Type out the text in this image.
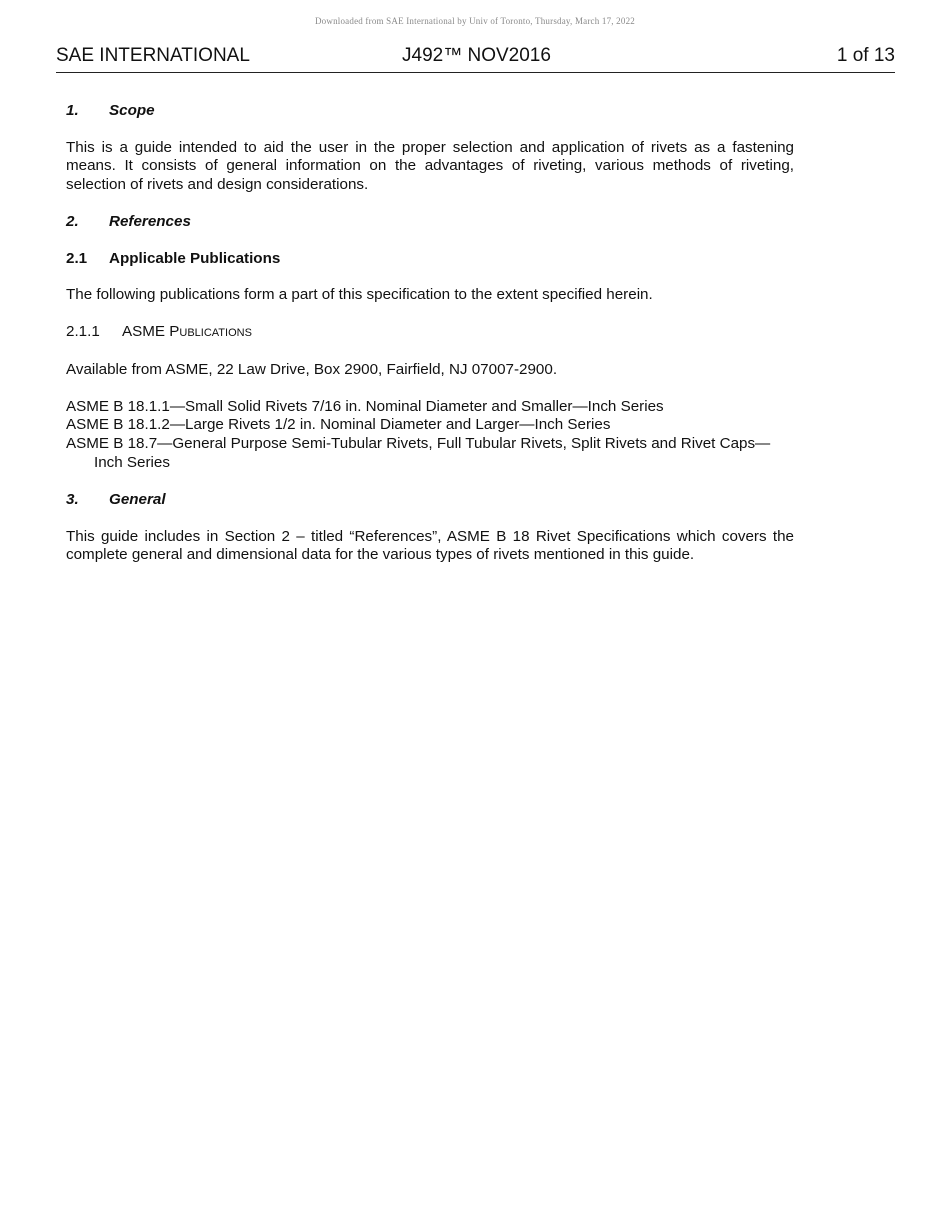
Downloaded from SAE International by Univ of Toronto, Thursday, March 17, 2022
SAE INTERNATIONAL	J492™ NOV2016	1 of 13

1. Scope

This is a guide intended to aid the user in the proper selection and application of rivets as a fastening means. It consists of general information on the advantages of riveting, various methods of riveting, selection of rivets and design considerations.

2. References

2.1 Applicable Publications

The following publications form a part of this specification to the extent specified herein.

2.1.1 ASME Publications

Available from ASME, 22 Law Drive, Box 2900, Fairfield, NJ 07007-2900.

ASME B 18.1.1—Small Solid Rivets 7/16 in. Nominal Diameter and Smaller—Inch Series
ASME B 18.1.2—Large Rivets 1/2 in. Nominal Diameter and Larger—Inch Series
ASME B 18.7—General Purpose Semi-Tubular Rivets, Full Tubular Rivets, Split Rivets and Rivet Caps—Inch Series

3. General

This guide includes in Section 2 – titled “References”, ASME B 18 Rivet Specifications which covers the complete general and dimensional data for the various types of rivets mentioned in this guide.
